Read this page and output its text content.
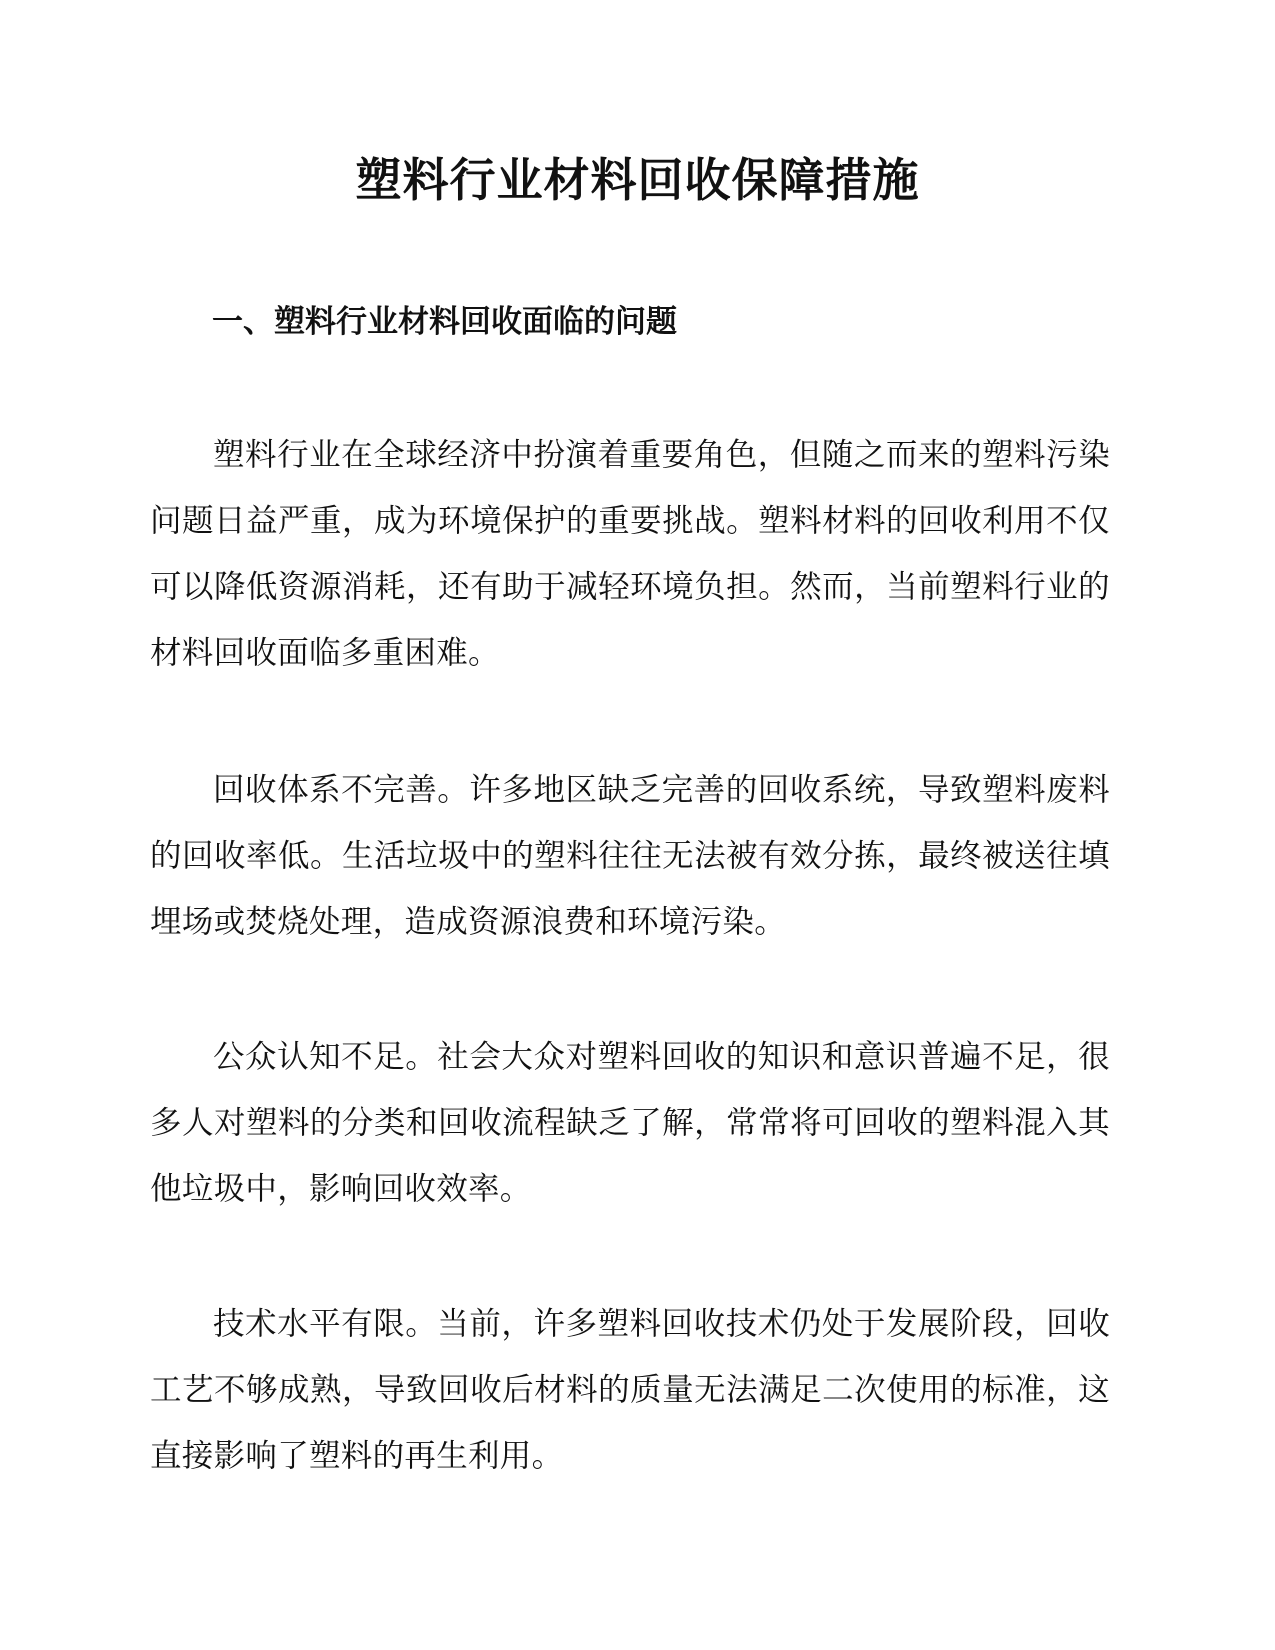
塑料行业材料回收保障措施
一、塑料行业材料回收面临的问题

塑料行业在全球经济中扮演着重要角色，但随之而来的塑料污染问题日益严重，成为环境保护的重要挑战。塑料材料的回收利用不仅可以降低资源消耗，还有助于减轻环境负担。然而，当前塑料行业的材料回收面临多重困难。

回收体系不完善。许多地区缺乏完善的回收系统，导致塑料废料的回收率低。生活垃圾中的塑料往往无法被有效分拣，最终被送往填埋场或焚烧处理，造成资源浪费和环境污染。

公众认知不足。社会大众对塑料回收的知识和意识普遍不足，很多人对塑料的分类和回收流程缺乏了解，常常将可回收的塑料混入其他垃圾中，影响回收效率。

技术水平有限。当前，许多塑料回收技术仍处于发展阶段，回收工艺不够成熟，导致回收后材料的质量无法满足二次使用的标准，这直接影响了塑料的再生利用。
